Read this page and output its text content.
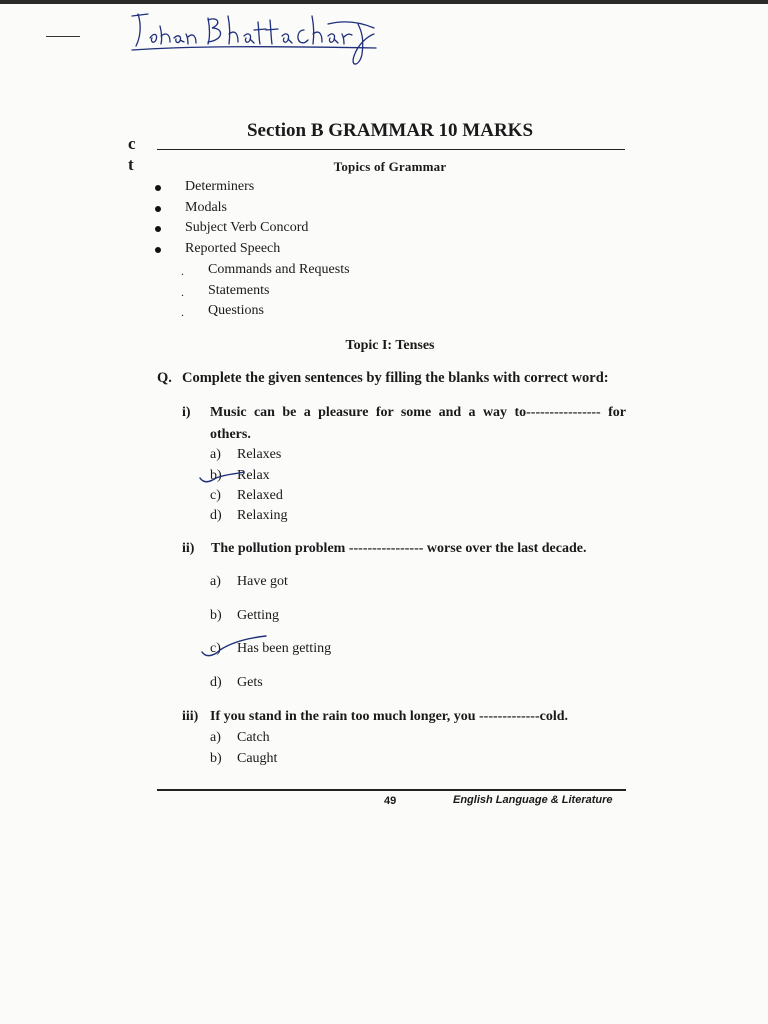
c
t
Section B GRAMMAR 10 MARKS
Topics of Grammar
Determiners
Modals
Subject Verb Concord
Reported Speech
. Commands and Requests
. Statements
. Questions
Topic I: Tenses
Q. Complete the given sentences by filling the blanks with correct word:
i) Music can be a pleasure for some and a way to---------------- for
others.
a) Relaxes
b) Relax
c) Relaxed
d) Relaxing
ii) The pollution problem ---------------- worse over the last decade.
a) Have got
b) Getting
c) Has been getting
d) Gets
iii) If you stand in the rain too much longer, you -------------cold.
a) Catch
b) Caught
49	English Language & Literature
